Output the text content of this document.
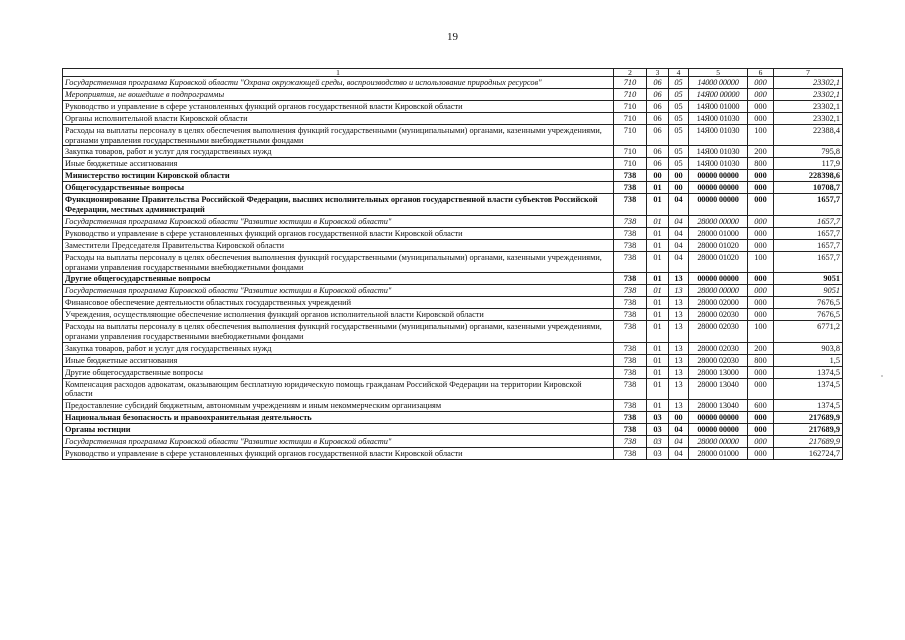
19
1	2	3	4	5	6	7
Государственная программа Кировской области "Охрана окружающей среды, воспроизводство и использование природных ресурсов"	710	06	05	14000 00000	000	23302,1
Мероприятия, не вошедшие в подпрограммы	710	06	05	14Я00 00000	000	23302,1
Руководство и управление в сфере установленных функций органов государственной власти Кировской области	710	06	05	14Я00 01000	000	23302,1
Органы исполнительной власти Кировской области	710	06	05	14Я00 01030	000	23302,1
Расходы на выплаты персоналу в целях обеспечения выполнения функций государственными (муниципальными) органами, казенными учреждениями, органами управления государственными внебюджетными фондами	710	06	05	14Я00 01030	100	22388,4
Закупка товаров, работ и услуг для государственных нужд	710	06	05	14Я00 01030	200	795,8
Иные бюджетные ассигнования	710	06	05	14Я00 01030	800	117,9
Министерство юстиции Кировской области	738	00	00	00000 00000	000	228398,6
Общегосударственные вопросы	738	01	00	00000 00000	000	10708,7
Функционирование Правительства Российской Федерации, высших исполнительных органов государственной власти субъектов Российской Федерации, местных администраций	738	01	04	00000 00000	000	1657,7
Государственная программа Кировской области "Развитие юстиции в Кировской области"	738	01	04	28000 00000	000	1657,7
Руководство и управление в сфере установленных функций органов государственной власти Кировской области	738	01	04	28000 01000	000	1657,7
Заместители Председателя Правительства Кировской области	738	01	04	28000 01020	000	1657,7
Расходы на выплаты персоналу в целях обеспечения выполнения функций государственными (муниципальными) органами, казенными учреждениями, органами управления государственными внебюджетными фондами	738	01	04	28000 01020	100	1657,7
Другие общегосударственные вопросы	738	01	13	00000 00000	000	9051
Государственная программа Кировской области "Развитие юстиции в Кировской области"	738	01	13	28000 00000	000	9051
Финансовое обеспечение деятельности областных государственных учреждений	738	01	13	28000 02000	000	7676,5
Учреждения, осуществляющие обеспечение исполнения функций органов исполнительной власти Кировской области	738	01	13	28000 02030	000	7676,5
Расходы на выплаты персоналу в целях обеспечения выполнения функций государственными (муниципальными) органами, казенными учреждениями, органами управления государственными внебюджетными фондами	738	01	13	28000 02030	100	6771,2
Закупка товаров, работ и услуг для государственных нужд	738	01	13	28000 02030	200	903,8
Иные бюджетные ассигнования	738	01	13	28000 02030	800	1,5
Другие общегосударственные вопросы	738	01	13	28000 13000	000	1374,5
Компенсация расходов адвокатам, оказывающим бесплатную юридическую помощь гражданам Российской Федерации на территории Кировской области	738	01	13	28000 13040	000	1374,5
Предоставление субсидий бюджетным, автономным учреждениям и иным некоммерческим организациям	738	01	13	28000 13040	600	1374,5
Национальная безопасность и правоохранительная деятельность	738	03	00	00000 00000	000	217689,9
Органы юстиции	738	03	04	00000 00000	000	217689,9
Государственная программа Кировской области "Развитие юстиции в Кировской области"	738	03	04	28000 00000	000	217689,9
Руководство и управление в сфере установленных функций органов государственной власти Кировской области	738	03	04	28000 01000	000	162724,7
